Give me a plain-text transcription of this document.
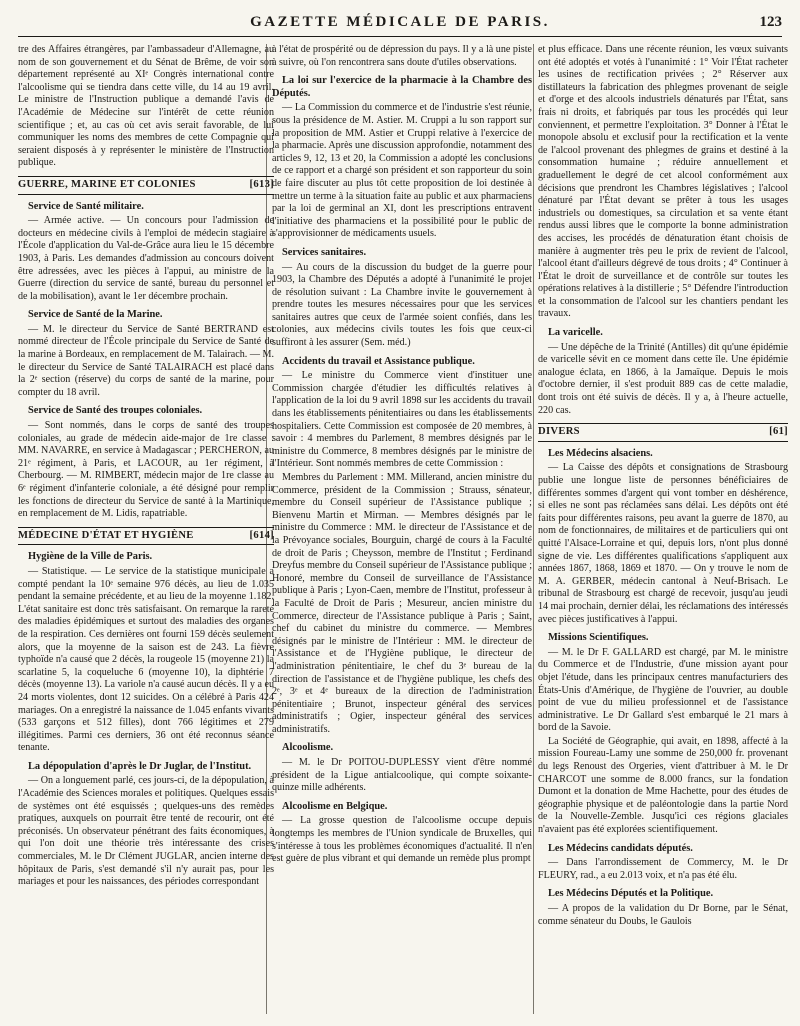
GAZETTE MÉDICALE DE PARIS.	123

tre des Affaires étrangères, par l'ambassadeur d'Allemagne, au nom de son gouvernement et du Sénat de Brême, de voir son département représenté au XIᵉ Congrès international contre l'alcoolisme qui se tiendra dans cette ville, du 14 au 19 avril. Le ministre de l'Instruction publique a demandé l'avis de l'Académie de Médecine sur l'intérêt de cette réunion scientifique ; et, au cas où cet avis serait favorable, de lui communiquer les noms des membres de cette Compagnie qui seraient disposés à y représenter le ministère de l'Instruction publique.

GUERRE, MARINE ET COLONIES	[613]
Service de Santé militaire.

— Armée active. — Un concours pour l'admission de docteurs en médecine civils à l'emploi de médecin stagiaire à l'École d'application du Val-de-Grâce aura lieu le 15 décembre 1903, à Paris. Les demandes d'admission au concours doivent être adressées, avec les pièces à l'appui, au ministre de la Guerre (direction du service de santé, bureau du personnel et de la mobilisation), avant le 1er décembre prochain.

Service de Santé de la Marine.

— M. le directeur du Service de Santé BERTRAND est nommé directeur de l'École principale du Service de Santé de la marine à Bordeaux, en remplacement de M. Talairach. — M. le directeur du Service de Santé TALAIRACH est placé dans la 2ᵉ section (réserve) du corps de santé de la marine, pour compter du 18 avril.

Service de Santé des troupes coloniales.

— Sont nommés, dans le corps de santé des troupes coloniales, au grade de médecin aide-major de 1re classe : MM. NAVARRE, en service à Madagascar ; PERCHERON, au 21ᵉ régiment, à Paris, et LACOUR, au 1er régiment, à Cherbourg. — M. RIMBERT, médecin major de 1re classe au 6ᵉ régiment d'infanterie coloniale, a été désigné pour remplir les fonctions de directeur du Service de santé à la Martinique, en remplacement de M. Lidis, rapatriable.

MÉDECINE D'ÉTAT ET HYGIÈNE	[614]
Hygiène de la Ville de Paris.

— Statistique. — Le service de la statistique municipale a compté pendant la 10ᵉ semaine 976 décès, au lieu de 1.035 pendant la semaine précédente, et au lieu de la moyenne 1.182. L'état sanitaire est donc très satisfaisant. On remarque la rareté des maladies épidémiques et surtout des maladies des organes de la respiration. Ces dernières ont fourni 159 décès seulement alors, que la moyenne de la saison est de 243. La fièvre typhoïde n'a causé que 2 décès, la rougeole 15 (moyenne 21) la scarlatine 5, la coqueluche 6 (moyenne 10), la diphtérie 7 décès (moyenne 13). La variole n'a causé aucun décès. Il y a eu 24 morts violentes, dont 12 suicides. On a célébré à Paris 424 mariages. On a enregistré la naissance de 1.045 enfants vivants (533 garçons et 512 filles), dont 766 légitimes et 279 illégitimes. Parmi ces derniers, 36 ont été reconnus séance tenante.

La dépopulation d'après le Dr Juglar, de l'Institut.

— On a longuement parlé, ces jours-ci, de la dépopulation, à l'Académie des Sciences morales et politiques. Quelques essais de systèmes ont été esquissés ; quelques-uns des remèdes pratiques, auxquels on pourrait être tenté de recourir, ont été préconisés. Un observateur pénétrant des faits économiques, à qui l'on doit une théorie très intéressante des crises commerciales, M. le Dr Clément JUGLAR, ancien interne des hôpitaux de Paris, s'est demandé s'il n'y aurait pas, pour les mariages et pour les naissances, des périodes correspondant

à l'état de prospérité ou de dépression du pays. Il y a là une piste à suivre, où l'on rencontrera sans doute d'utiles observations.

La loi sur l'exercice de la pharmacie à la Chambre des Députés.

— La Commission du commerce et de l'industrie s'est réunie, sous la présidence de M. Astier. M. Cruppi a lu son rapport sur la proposition de MM. Astier et Cruppi relative à l'exercice de la pharmacie. Après une discussion approfondie, notamment des articles 9, 12, 13 et 20, la Commission a adopté les conclusions de ce rapport et a chargé son président et son rapporteur du soin de faire discuter au plus tôt cette proposition de loi destinée à mettre un terme à la situation faite au public et aux pharmaciens par la loi de germinal an XI, dont les prescriptions entravent l'initiative des pharmaciens et la possibilité pour le public de s'approvisionner de médicaments usuels.

Services sanitaires.

— Au cours de la discussion du budget de la guerre pour 1903, la Chambre des Députés a adopté à l'unanimité le projet de résolution suivant : La Chambre invite le gouvernement à prendre toutes les mesures nécessaires pour que les services sanitaires autres que ceux de l'armée soient confiés, dans les colonies, aux médecins civils toutes les fois que ceux-ci suffiront à les assurer (Sem. méd.)

Accidents du travail et Assistance publique.

— Le ministre du Commerce vient d'instituer une Commission chargée d'étudier les difficultés relatives à l'application de la loi du 9 avril 1898 sur les accidents du travail dans les établissements pénitentiaires ou dans les établissements hospitaliers. Cette Commission est composée de 20 membres, à savoir : 4 membres du Parlement, 8 membres désignés par le ministre du Commerce, 8 membres désignés par le ministre de l'Intérieur. Sont nommés membres de cette Commission :

Membres du Parlement : MM. Millerand, ancien ministre du Commerce, président de la Commission ; Strauss, sénateur, membre du Conseil supérieur de l'Assistance publique ; Bienvenu Martin et Mirman. — Membres désignés par le ministre du Commerce : MM. le directeur de l'Assistance et de la Prévoyance sociales, Bourguin, chargé de cours à la Faculté de droit de Paris ; Cheysson, membre de l'Institut ; Ferdinand Dreyfus membre du Conseil supérieur de l'Assistance publique ; Honoré, membre du Conseil de surveillance de l'Assistance publique à Paris ; Lyon-Caen, membre de l'Institut, professeur à la Faculté de Droit de Paris ; Mesureur, ancien ministre du Commerce, directeur de l'Assistance publique à Paris ; Saint, chef du cabinet du ministre du commerce. — Membres désignés par le ministre de l'Intérieur : MM. le directeur de l'Assistance et de l'Hygiène publique, le directeur de l'administration pénitentiaire, le chef du 3ᵉ bureau de la direction de l'assistance et de l'hygiène publique, les chefs des 2ᵉ, 3ᵉ et 4ᵉ bureaux de la direction de l'administration pénitentiaire ; Brunot, inspecteur général des services administratifs ; Ogier, inspecteur général des services administratifs.

Alcoolisme.

— M. le Dr POITOU-DUPLESSY vient d'être nommé président de la Ligue antialcoolique, qui compte soixante-quinze mille adhérents.

Alcoolisme en Belgique.

— La grosse question de l'alcoolisme occupe depuis longtemps les membres de l'Union syndicale de Bruxelles, qui s'intéresse à tous les problèmes économiques d'actualité. Il n'en est guère de plus vibrant et qui demande un remède plus prompt

et plus efficace. Dans une récente réunion, les vœux suivants ont été adoptés et votés à l'unanimité : 1° Voir l'État racheter les usines de rectification privées ; 2° Réserver aux distillateurs la fabrication des phlegmes provenant de seigle et d'orge et des alcools industriels dénaturés par l'État, sans frais ni droits, et fabriqués par tous les procédés qui leur conviennent, et permettre l'exploitation. 3° Donner à l'État le monopole absolu et exclusif pour la rectification et la vente de l'alcool provenant des phlegmes de grains et destiné à la consommation humaine ; réduire annuellement et graduellement le degré de cet alcool conformément aux décisions que prendront les Chambres législatives ; l'alcool dénaturé par l'État devant se prêter à tous les usages industriels ou domestiques, sa circulation et sa vente étant rendus aussi libres que le comporte la bonne administration des accises, les procédés de dénaturation étant choisis de manière à augmenter très peu le prix de revient de l'alcool, l'alcool étant d'ailleurs dégrevé de tous droits ; 4° Continuer à l'État le droit de surveillance et de contrôle sur toutes les opérations relatives à la distillerie ; 5° Défendre l'introduction et la consommation de l'alcool sur les chantiers pendant les travaux.

La varicelle.

— Une dépêche de la Trinité (Antilles) dit qu'une épidémie de varicelle sévit en ce moment dans cette île. Une épidémie analogue éclata, en 1866, à la Jamaïque. Depuis le mois d'octobre dernier, il s'est produit 889 cas de cette maladie, dont trois ont été suivis de décès. Il y a, à l'heure actuelle, 220 cas.

DIVERS	[61]
Les Médecins alsaciens.

— La Caisse des dépôts et consignations de Strasbourg publie une longue liste de personnes bénéficiaires de différentes sommes d'argent qui vont tomber en déshérence, si elles ne sont pas réclamées sans délai. Les dépôts ont été faits pour différentes raisons, peu avant la guerre de 1870, au nom de fonctionnaires, de militaires et de particuliers qui ont quitté l'Alsace-Lorraine et qui, depuis lors, n'ont plus donné signe de vie. Les différentes qualifications s'appliquent aux années 1867, 1868, 1869 et 1870. — On y trouve le nom de M. A. GERBER, médecin cantonal à Neuf-Brisach. Le tribunal de Strasbourg est chargé de recevoir, jusqu'au jeudi 14 mai prochain, dernier délai, les réclamations des intéressés avec pièces justificatives à l'appui.

Missions Scientifiques.

— M. le Dr F. GALLARD est chargé, par M. le ministre du Commerce et de l'Industrie, d'une mission ayant pour objet l'étude, dans les principaux centres manufacturiers des États-Unis d'Amérique, de l'hygiène de l'ouvrier, au double point de vue du milieu professionnel et de l'assistance administrative. Le Dr Gallard s'est embarqué le 21 mars à bord de la Savoie.

La Société de Géographie, qui avait, en 1898, affecté à la mission Foureau-Lamy une somme de 250,000 fr. provenant du legs Renoust des Orgeries, vient d'attribuer à M. le Dr CHARCOT une somme de 8.000 francs, sur la fondation Dumont et la donation de Mme Hachette, pour des études de géographie physique et de paléontologie dans la partie Nord de la Nouvelle-Zemble. Jusqu'ici ces régions glaciales n'avaient pas été explorées scientifiquement.

Les Médecins candidats députés.

— Dans l'arrondissement de Commercy, M. le Dr FLEURY, rad., a eu 2.013 voix, et n'a pas été élu.

Les Médecins Députés et la Politique.

— A propos de la validation du Dr Borne, par le Sénat, comme sénateur du Doubs, le Gaulois
